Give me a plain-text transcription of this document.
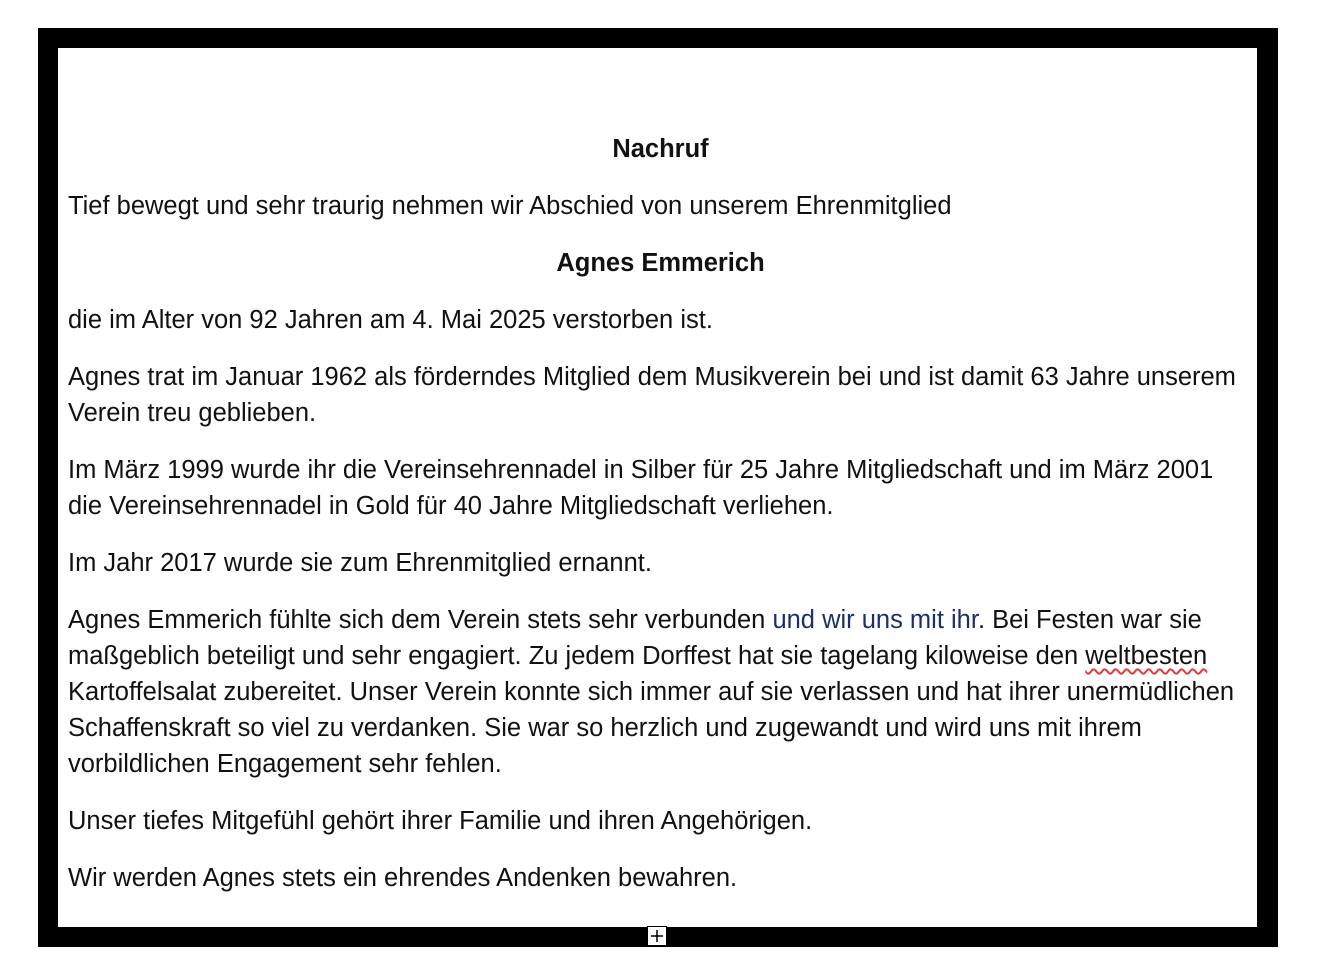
Nachruf

Tief bewegt und sehr traurig nehmen wir Abschied von unserem Ehrenmitglied

Agnes Emmerich

die im Alter von 92 Jahren am 4. Mai 2025 verstorben ist.

Agnes trat im Januar 1962 als förderndes Mitglied dem Musikverein bei und ist damit 63 Jahre unserem Verein treu geblieben.

Im März 1999 wurde ihr die Vereinsehrennadel in Silber für 25 Jahre Mitgliedschaft und im März 2001 die Vereinsehrennadel in Gold für 40 Jahre Mitgliedschaft verliehen.

Im Jahr 2017 wurde sie zum Ehrenmitglied ernannt.

Agnes Emmerich fühlte sich dem Verein stets sehr verbunden und wir uns mit ihr. Bei Festen war sie maßgeblich beteiligt und sehr engagiert. Zu jedem Dorffest hat sie tagelang kiloweise den weltbesten Kartoffelsalat zubereitet. Unser Verein konnte sich immer auf sie verlassen und hat ihrer unermüdlichen Schaffenskraft so viel zu verdanken. Sie war so herzlich und zugewandt und wird uns mit ihrem vorbildlichen Engagement sehr fehlen.

Unser tiefes Mitgefühl gehört ihrer Familie und ihren Angehörigen.

Wir werden Agnes stets ein ehrendes Andenken bewahren.
